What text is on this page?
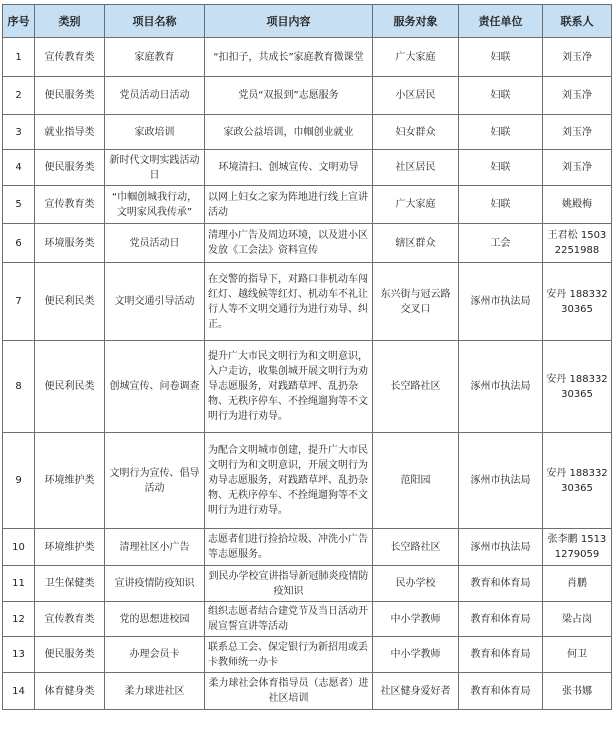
序号	类别	项目名称	项目内容	服务对象	责任单位	联系人
1	宣传教育类	家庭教育	“扣扣子，共成长”家庭教育微课堂	广大家庭	妇联	刘玉净
2	便民服务类	党员活动日活动	党员“双报到”志愿服务	小区居民	妇联	刘玉净
3	就业指导类	家政培训	家政公益培训，巾帼创业就业	妇女群众	妇联	刘玉净
4	便民服务类	新时代文明实践活动日	环境清扫、创城宣传、文明劝导	社区居民	妇联	刘玉净
5	宣传教育类	“巾帼创城我行动，文明家风我传承”	以网上妇女之家为阵地进行线上宣讲活动	广大家庭	妇联	姚殿梅
6	环境服务类	党员活动日	清理小广告及周边环境，以及进小区发放《工会法》资料宣传	辖区群众	工会	王君松 15032251988
7	便民利民类	文明交通引导活动	在交警的指导下，对路口非机动车闯红灯、越线候等红灯、机动车不礼让行人等不文明交通行为进行劝导、纠正。	东兴街与冠云路交叉口	涿州市执法局	安丹 18833230365
8	便民利民类	创城宣传、问卷调查	提升广大市民文明行为和文明意识，入户走访，收集创城开展文明行为劝导志愿服务，对践踏草坪、乱扔杂物、无秩序停车、不拴绳遛狗等不文明行为进行劝导。	长空路社区	涿州市执法局	安丹 18833230365
9	环境维护类	文明行为宣传、倡导活动	为配合文明城市创建，提升广大市民文明行为和文明意识，开展文明行为劝导志愿服务，对践踏草坪、乱扔杂物、无秩序停车、不拴绳遛狗等不文明行为进行劝导。	范阳园	涿州市执法局	安丹 18833230365
10	环境维护类	清理社区小广告	志愿者们进行捡拾垃圾、冲洗小广告等志愿服务。	长空路社区	涿州市执法局	张李鹏 15131279059
11	卫生保健类	宣讲疫情防疫知识	到民办学校宣讲指导新冠肺炎疫情防疫知识	民办学校	教育和体育局	肖鹏
12	宣传教育类	党的思想进校园	组织志愿者结合建党节及当日活动开展宣誓宣讲等活动	中小学教师	教育和体育局	梁占岗
13	便民服务类	办理会员卡	联系总工会、保定银行为新招用或丢卡教师统一办卡	中小学教师	教育和体育局	何卫
14	体育健身类	柔力球进社区	柔力球社会体育指导员（志愿者）进社区培训	社区健身爱好者	教育和体育局	张书娜
